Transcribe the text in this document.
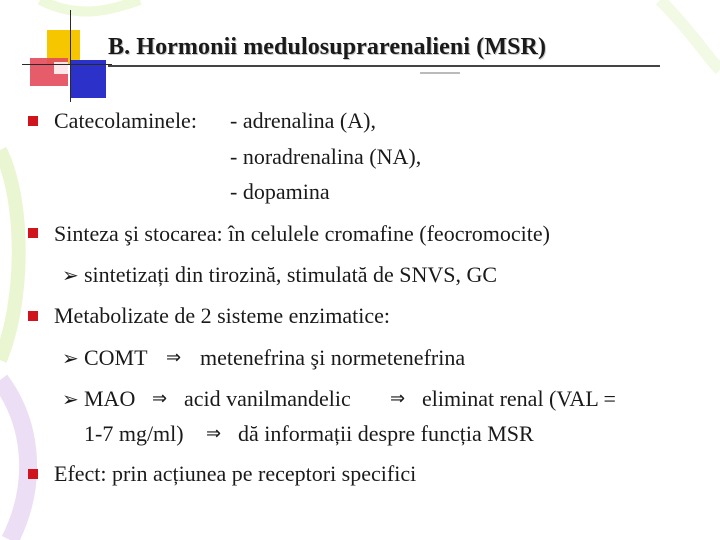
B. Hormonii medulosuprarenalieni (MSR)
Catecolaminele: - adrenalina (A),
- noradrenalina (NA),
- dopamina
Sinteza şi stocarea: în celulele cromafine (feocromocite)
➢ sintetizați din tirozină, stimulată de SNVS, GC
Metabolizate de 2 sisteme enzimatice:
➢ COMT ⇒ metenefrina şi normetenefrina
➢ MAO ⇒ acid vanilmandelic ⇒ eliminat renal (VAL =
1-7 mg/ml) ⇒ dă informații despre funcția MSR
Efect: prin acțiunea pe receptori specifici
